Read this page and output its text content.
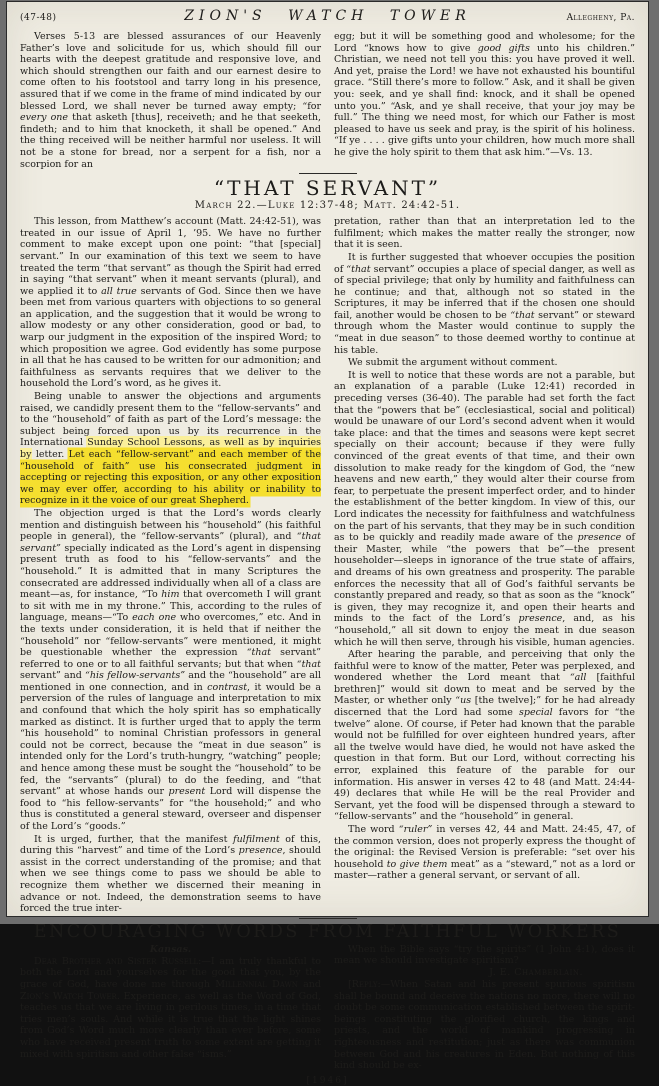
(47-48)	ZION'S WATCH TOWER	Allegheny, Pa.

Verses 5-13 are blessed assurances of our Heavenly Father’s love and solicitude for us, which should fill our hearts with the deepest gratitude and responsive love, and which should strengthen our faith and our earnest desire to come often to his footstool and tarry long in his presence, assured that if we come in the frame of mind indicated by our blessed Lord, we shall never be turned away empty; “for every one that asketh [thus], receiveth; and he that seeketh, findeth; and to him that knocketh, it shall be opened.” And the thing received will be neither harmful nor useless. It will not be a stone for bread, nor a serpent for a fish, nor a scorpion for an

egg; but it will be something good and wholesome; for the Lord “knows how to give good gifts unto his children.” Christian, we need not tell you this: you have proved it well. And yet, praise the Lord! we have not exhausted his bountiful grace. “Still there’s more to follow.” Ask, and it shall be given you: seek, and ye shall find: knock, and it shall be opened unto you.” “Ask, and ye shall receive, that your joy may be full.” The thing we need most, for which our Father is most pleased to have us seek and pray, is the spirit of his holiness. “If ye . . . . give gifts unto your children, how much more shall he give the holy spirit to them that ask him.”—Vs. 13.

“THAT SERVANT”
March 22.—Luke 12:37-48; Matt. 24:42-51.

This lesson, from Matthew’s account (Matt. 24:42-51), was treated in our issue of April 1, ’95. We have no further comment to make except upon one point: “that [special] servant.” In our examination of this text we seem to have treated the term “that servant” as though the Spirit had erred in saying “that servant” when it meant servants (plural), and we applied it to all true servants of God. Since then we have been met from various quarters with objections to so general an application, and the suggestion that it would be wrong to allow modesty or any other consideration, good or bad, to warp our judgment in the exposition of the inspired Word; to which proposition we agree. God evidently has some purpose in all that he has caused to be written for our admonition; and faithfulness as servants requires that we deliver to the household the Lord’s word, as he gives it.

Being unable to answer the objections and arguments raised, we candidly present them to the “fellow-servants” and to the “household” of faith as part of the Lord’s message: the subject being forced upon us by its recurrence in the International Sunday School Lessons, as well as by inquiries by letter. Let each “fellow-servant” and each member of the “household of faith” use his consecrated judgment in accepting or rejecting this exposition, or any other exposition we may ever offer, according to his ability or inability to recognize in it the voice of our great Shepherd.

The objection urged is that the Lord’s words clearly mention and distinguish between his “household” (his faithful people in general), the “fellow-servants” (plural), and “that servant” specially indicated as the Lord’s agent in dispensing present truth as food to his “fellow-servants” and the “household.” It is admitted that in many Scriptures the consecrated are addressed individually when all of a class are meant—as, for instance, “To him that overcometh I will grant to sit with me in my throne.” This, according to the rules of language, means—“To each one who overcomes,” etc. And in the texts under consideration, it is held that if neither the “household” nor “fellow-servants” were mentioned, it might be questionable whether the expression “that servant” referred to one or to all faithful servants; but that when “that servant” and “his fellow-servants” and the “household” are all mentioned in one connection, and in contrast, it would be a perversion of the rules of language and interpretation to mix and confound that which the holy spirit has so emphatically marked as distinct. It is further urged that to apply the term “his household” to nominal Christian professors in general could not be correct, because the “meat in due season” is intended only for the Lord’s truth-hungry, “watching” people; and hence among these must be sought the “household” to be fed, the “servants” (plural) to do the feeding, and “that servant” at whose hands our present Lord will dispense the food to “his fellow-servants” for “the household;” and who thus is constituted a general steward, overseer and dispenser of the Lord’s “goods.”

It is urged, further, that the manifest fulfilment of this, during this “harvest” and time of the Lord’s presence, should assist in the correct understanding of the promise; and that when we see things come to pass we should be able to recognize them whether we discerned their meaning in advance or not. Indeed, the demonstration seems to have forced the true inter-

pretation, rather than that an interpretation led to the fulfilment; which makes the matter really the stronger, now that it is seen.

It is further suggested that whoever occupies the position of “that servant” occupies a place of special danger, as well as of special privilege; that only by humility and faithfulness can he continue; and that, although not so stated in the Scriptures, it may be inferred that if the chosen one should fail, another would be chosen to be “that servant” or steward through whom the Master would continue to supply the “meat in due season” to those deemed worthy to continue at his table.

We submit the argument without comment.

It is well to notice that these words are not a parable, but an explanation of a parable (Luke 12:41) recorded in preceding verses (36-40). The parable had set forth the fact that the “powers that be” (ecclesiastical, social and political) would be unaware of our Lord’s second advent when it would take place: and that the times and seasons were kept secret specially on their account; because if they were fully convinced of the great events of that time, and their own dissolution to make ready for the kingdom of God, the “new heavens and new earth,” they would alter their course from fear, to perpetuate the present imperfect order, and to hinder the establishment of the better kingdom. In view of this, our Lord indicates the necessity for faithfulness and watchfulness on the part of his servants, that they may be in such condition as to be quickly and readily made aware of the presence of their Master, while “the powers that be”—the present householder—sleeps in ignorance of the true state of affairs, and dreams of his own greatness and prosperity. The parable enforces the necessity that all of God’s faithful servants be constantly prepared and ready, so that as soon as the “knock” is given, they may recognize it, and open their hearts and minds to the fact of the Lord’s presence, and, as his “household,” all sit down to enjoy the meat in due season which he will then serve, through his visible, human agencies.

After hearing the parable, and perceiving that only the faithful were to know of the matter, Peter was perplexed, and wondered whether the Lord meant that “all [faithful brethren]” would sit down to meat and be served by the Master, or whether only “us [the twelve];” for he had already discerned that the Lord had some special favors for “the twelve” alone. Of course, if Peter had known that the parable would not be fulfilled for over eighteen hundred years, after all the twelve would have died, he would not have asked the question in that form. But our Lord, without correcting his error, explained this feature of the parable for our information. His answer in verses 42 to 48 (and Matt. 24:44-49) declares that while He will be the real Provider and Servant, yet the food will be dispensed through a steward to “fellow-servants” and the “household” in general.

The word “ruler” in verses 42, 44 and Matt. 24:45, 47, of the common version, does not properly express the thought of the original: the Revised Version is preferable: “set over his household to give them meat” as a “steward,” not as a lord or master—rather a general servant, or servant of all.

ENCOURAGING WORDS FROM FAITHFUL WORKERS
Kansas.

Dear Brother and Sister Russell:—I am truly thankful to both the Lord and yourselves for the good that you, by the grace of God, have done me through Millennial Dawn and Zion’s Watch Tower. Experience, as well as the Word of God, teaches us that we are living in perilous times, in a time that tries men’s souls. And while it is true that the light shines from God’s Word much more clearly than ever before, some who have received present truth to some extent are getting it mixed with spiritism and other false “isms.”

When the Bible says “try the spirits” (1 John 4:1), does it mean we should investigate spiritism?

J. E. Chamberlain.

[Reply:—When Satan and his present spurious spiritism shall be bound and deceive the nations no more, there will no doubt be some communication established between the spirit-beings constituting the glorified church, the kings and priests, and the world of mankind progressing in righteousness and restitution; just as there was communion between God and his creatures in Eden. But nothing of this kind should be ex-

[1946]
